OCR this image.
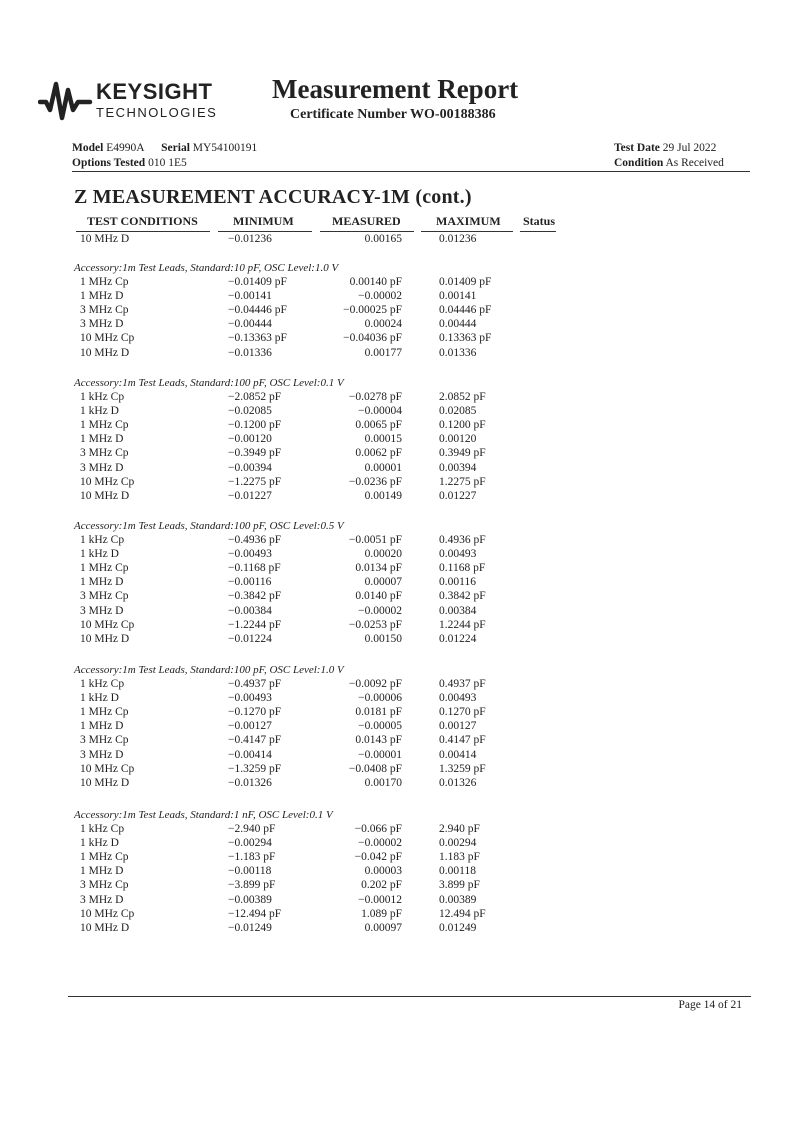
KEYSIGHT
TECHNOLOGIES
Measurement Report
Certificate Number WO-00188386
Model E4990A Serial MY54100191
Options Tested 010 1E5
Test Date 29 Jul 2022
Condition As Received
Z MEASUREMENT ACCURACY-1M (cont.)
TEST CONDITIONS	MINIMUM	MEASURED	MAXIMUM Status
10 MHz D	−0.01236	0.00165	0.01236
Accessory:1m Test Leads, Standard:10 pF, OSC Level:1.0 V
1 MHz Cp	−0.01409 pF	0.00140 pF	0.01409 pF
1 MHz D	−0.00141	−0.00002	0.00141
3 MHz Cp	−0.04446 pF	−0.00025 pF	0.04446 pF
3 MHz D	−0.00444	0.00024	0.00444
10 MHz Cp	−0.13363 pF	−0.04036 pF	0.13363 pF
10 MHz D	−0.01336	0.00177	0.01336
Accessory:1m Test Leads, Standard:100 pF, OSC Level:0.1 V
1 kHz Cp	−2.0852 pF	−0.0278 pF	2.0852 pF
1 kHz D	−0.02085	−0.00004	0.02085
1 MHz Cp	−0.1200 pF	0.0065 pF	0.1200 pF
1 MHz D	−0.00120	0.00015	0.00120
3 MHz Cp	−0.3949 pF	0.0062 pF	0.3949 pF
3 MHz D	−0.00394	0.00001	0.00394
10 MHz Cp	−1.2275 pF	−0.0236 pF	1.2275 pF
10 MHz D	−0.01227	0.00149	0.01227
Accessory:1m Test Leads, Standard:100 pF, OSC Level:0.5 V
1 kHz Cp	−0.4936 pF	−0.0051 pF	0.4936 pF
1 kHz D	−0.00493	0.00020	0.00493
1 MHz Cp	−0.1168 pF	0.0134 pF	0.1168 pF
1 MHz D	−0.00116	0.00007	0.00116
3 MHz Cp	−0.3842 pF	0.0140 pF	0.3842 pF
3 MHz D	−0.00384	−0.00002	0.00384
10 MHz Cp	−1.2244 pF	−0.0253 pF	1.2244 pF
10 MHz D	−0.01224	0.00150	0.01224
Accessory:1m Test Leads, Standard:100 pF, OSC Level:1.0 V
1 kHz Cp	−0.4937 pF	−0.0092 pF	0.4937 pF
1 kHz D	−0.00493	−0.00006	0.00493
1 MHz Cp	−0.1270 pF	0.0181 pF	0.1270 pF
1 MHz D	−0.00127	−0.00005	0.00127
3 MHz Cp	−0.4147 pF	0.0143 pF	0.4147 pF
3 MHz D	−0.00414	−0.00001	0.00414
10 MHz Cp	−1.3259 pF	−0.0408 pF	1.3259 pF
10 MHz D	−0.01326	0.00170	0.01326
Accessory:1m Test Leads, Standard:1 nF, OSC Level:0.1 V
1 kHz Cp	−2.940 pF	−0.066 pF	2.940 pF
1 kHz D	−0.00294	−0.00002	0.00294
1 MHz Cp	−1.183 pF	−0.042 pF	1.183 pF
1 MHz D	−0.00118	0.00003	0.00118
3 MHz Cp	−3.899 pF	0.202 pF	3.899 pF
3 MHz D	−0.00389	−0.00012	0.00389
10 MHz Cp	−12.494 pF	1.089 pF	12.494 pF
10 MHz D	−0.01249	0.00097	0.01249
Page 14 of 21
